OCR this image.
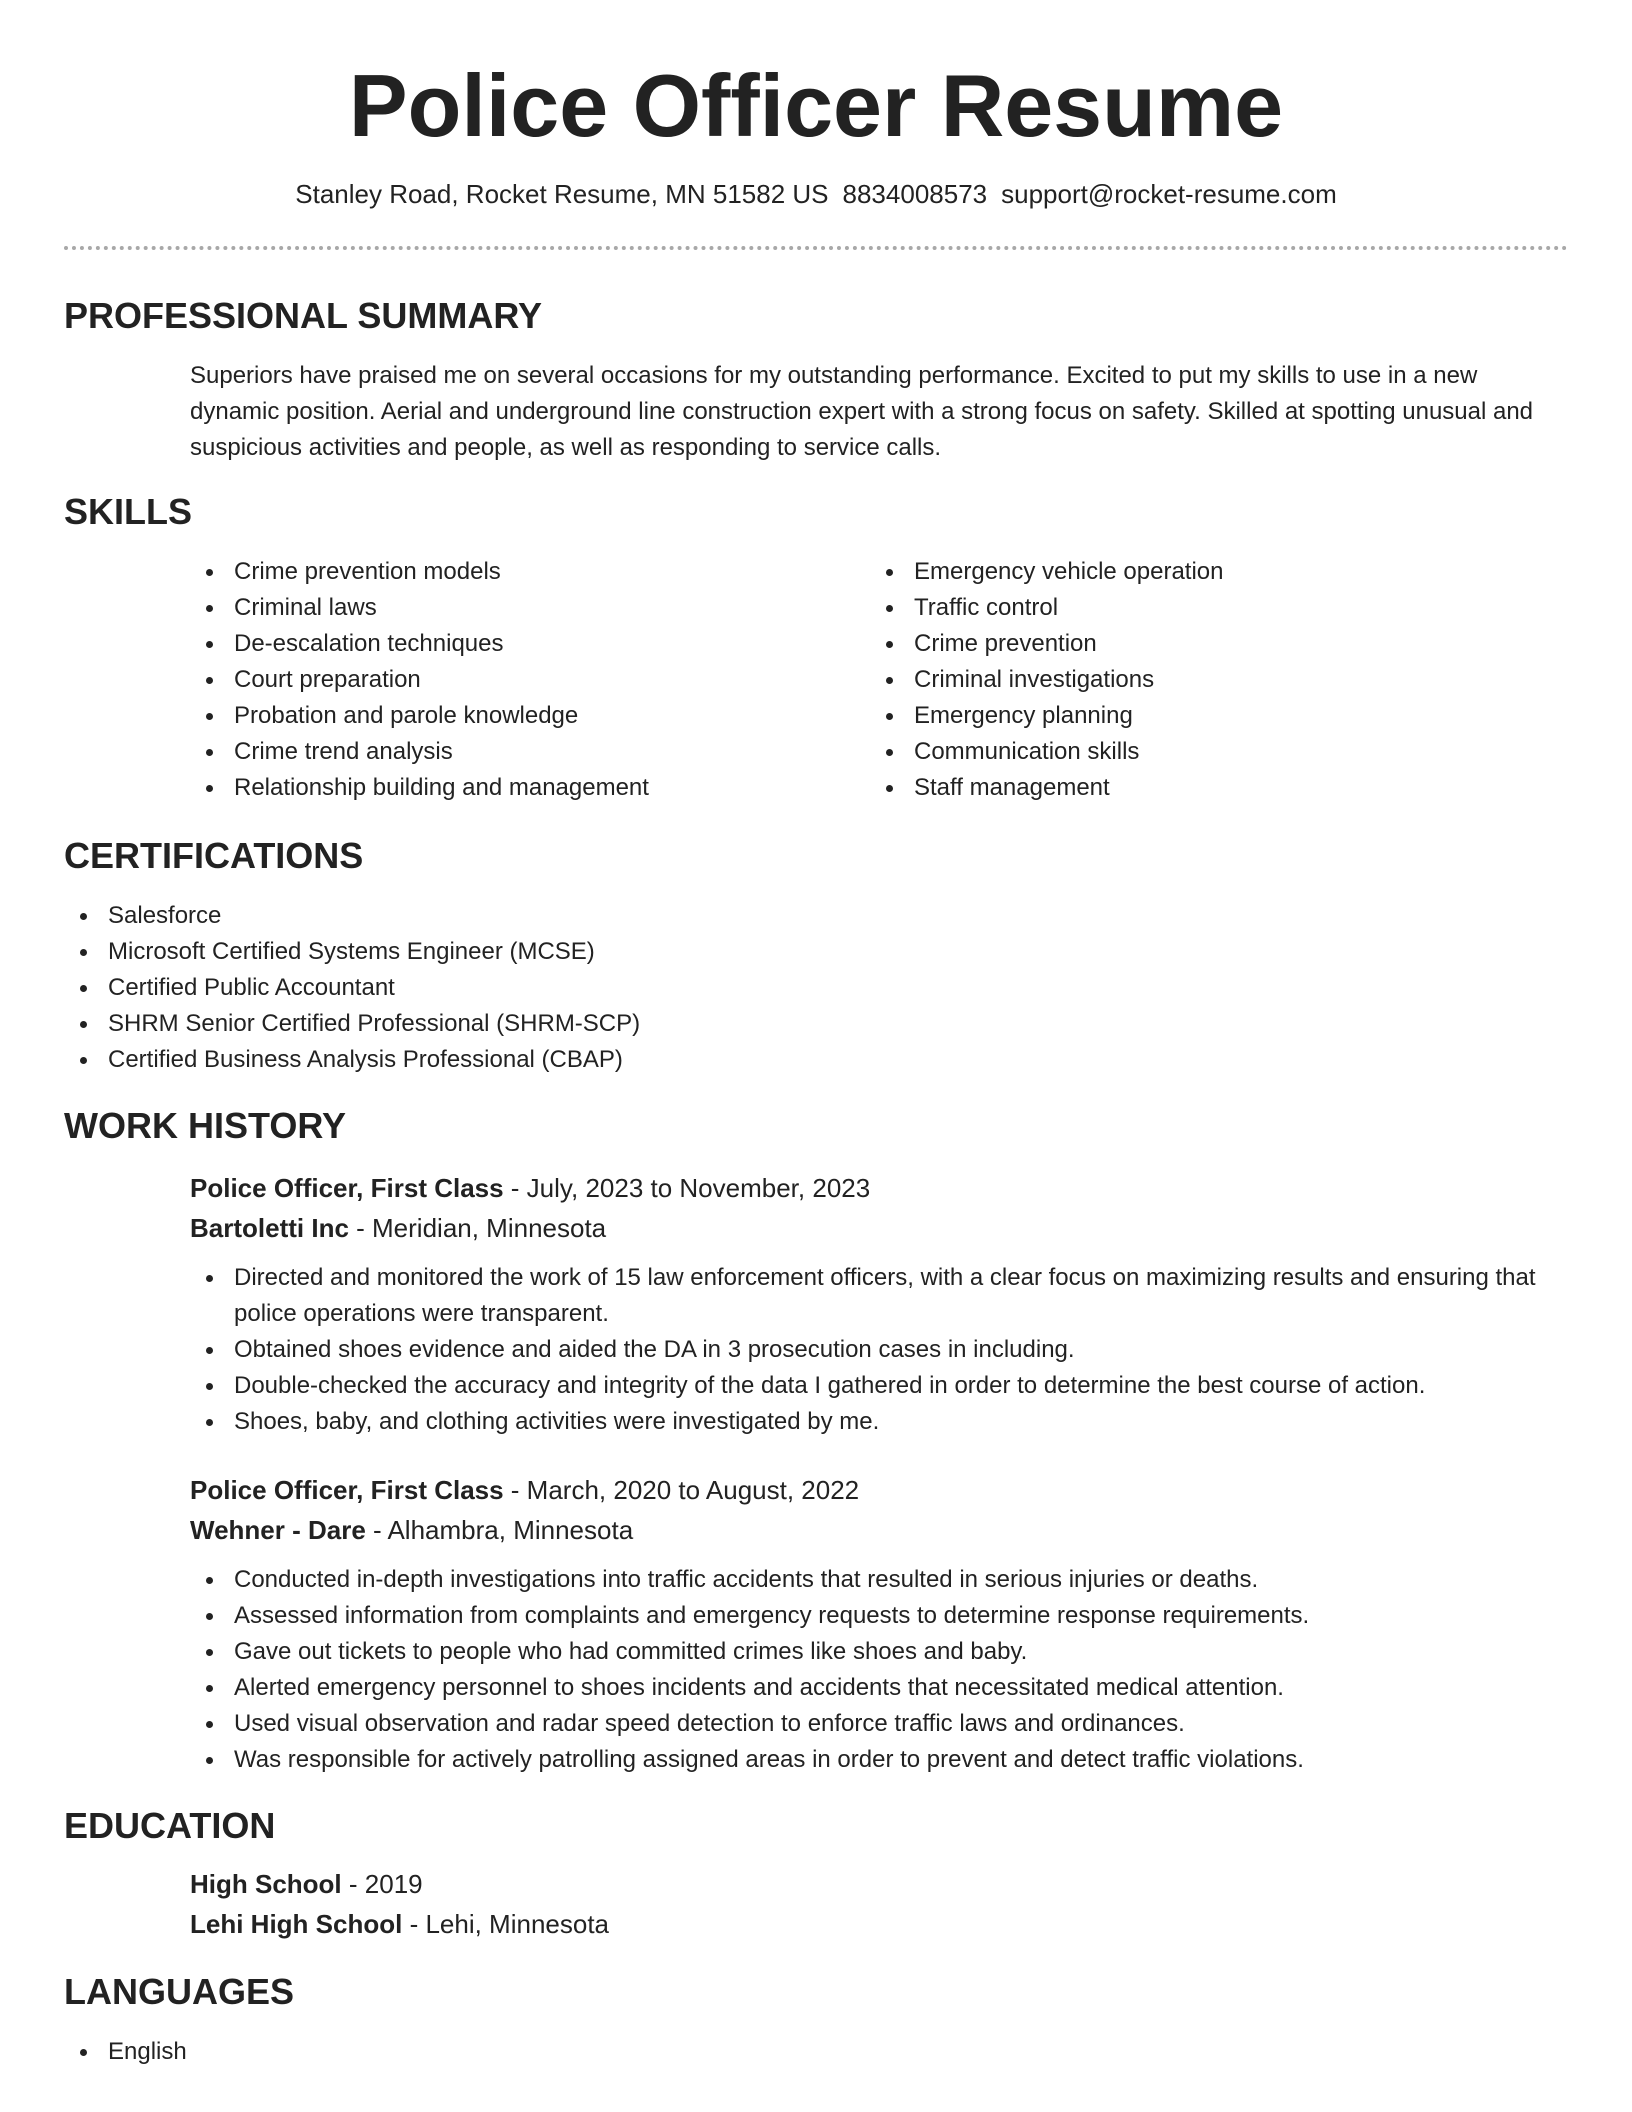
Police Officer Resume
Stanley Road, Rocket Resume, MN 51582 US 8834008573 support@rocket-resume.com
PROFESSIONAL SUMMARY

Superiors have praised me on several occasions for my outstanding performance. Excited to put my skills to use in a new dynamic position. Aerial and underground line construction expert with a strong focus on safety. Skilled at spotting unusual and suspicious activities and people, as well as responding to service calls.

SKILLS
Crime prevention models
Criminal laws
De-escalation techniques
Court preparation
Probation and parole knowledge
Crime trend analysis
Relationship building and management
Emergency vehicle operation
Traffic control
Crime prevention
Criminal investigations
Emergency planning
Communication skills
Staff management
CERTIFICATIONS
Salesforce
Microsoft Certified Systems Engineer (MCSE)
Certified Public Accountant
SHRM Senior Certified Professional (SHRM-SCP)
Certified Business Analysis Professional (CBAP)
WORK HISTORY
Police Officer, First Class - July, 2023 to November, 2023
Bartoletti Inc - Meridian, Minnesota
Directed and monitored the work of 15 law enforcement officers, with a clear focus on maximizing results and ensuring that police operations were transparent.
Obtained shoes evidence and aided the DA in 3 prosecution cases in including.
Double-checked the accuracy and integrity of the data I gathered in order to determine the best course of action.
Shoes, baby, and clothing activities were investigated by me.
Police Officer, First Class - March, 2020 to August, 2022
Wehner - Dare - Alhambra, Minnesota
Conducted in-depth investigations into traffic accidents that resulted in serious injuries or deaths.
Assessed information from complaints and emergency requests to determine response requirements.
Gave out tickets to people who had committed crimes like shoes and baby.
Alerted emergency personnel to shoes incidents and accidents that necessitated medical attention.
Used visual observation and radar speed detection to enforce traffic laws and ordinances.
Was responsible for actively patrolling assigned areas in order to prevent and detect traffic violations.
EDUCATION
High School - 2019
Lehi High School - Lehi, Minnesota
LANGUAGES
English
